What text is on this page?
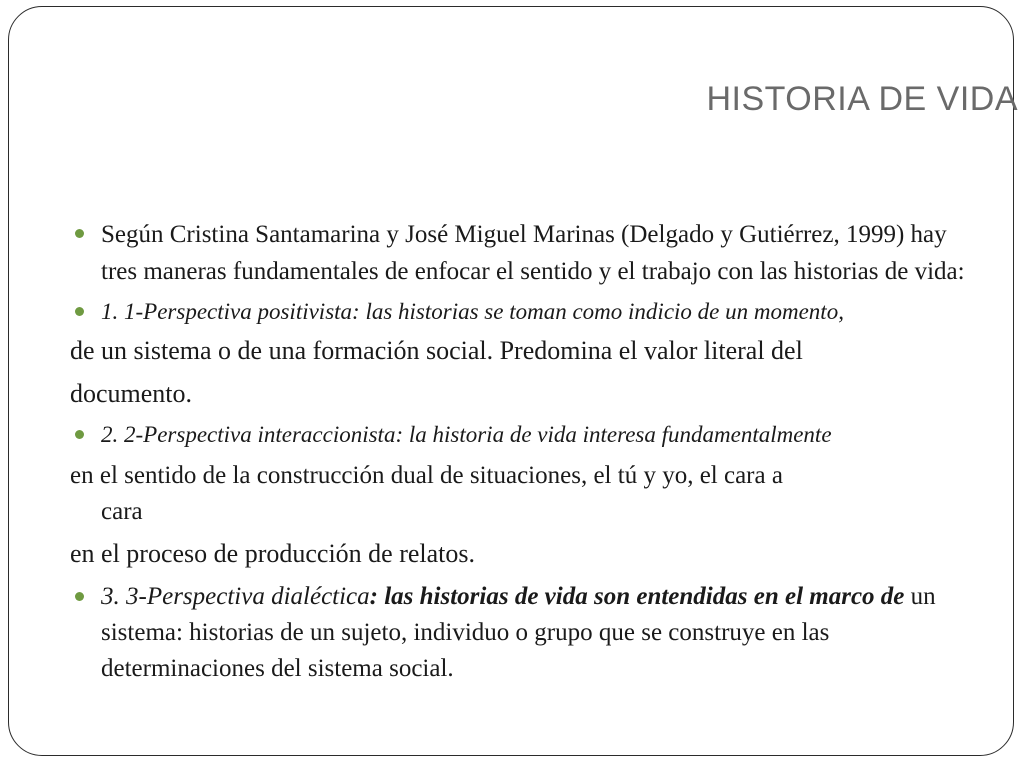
HISTORIA DE VIDA

Según Cristina Santamarina y José Miguel Marinas (Delgado y Gutiérrez, 1999) hay tres maneras fundamentales de enfocar el sentido y el trabajo con las historias de vida:

1. 1-Perspectiva positivista: las historias se toman como indicio de un momento,

de un sistema o de una formación social. Predomina el valor literal del

documento.

2. 2-Perspectiva interaccionista: la historia de vida interesa fundamentalmente

en el sentido de la construcción dual de situaciones, el tú y yo, el cara a

cara

en el proceso de producción de relatos.

3. 3-Perspectiva dialéctica: las historias de vida son entendidas en el marco de un sistema: historias de un sujeto, individuo o grupo que se construye en las determinaciones del sistema social.
